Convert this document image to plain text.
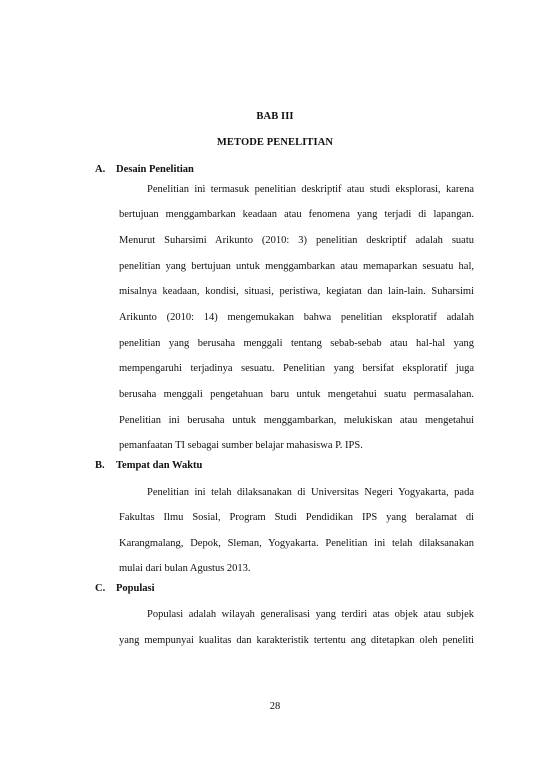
BAB III
METODE PENELITIAN
A. Desain Penelitian
Penelitian ini termasuk penelitian deskriptif atau studi eksplorasi, karena
bertujuan menggambarkan keadaan atau fenomena yang terjadi di lapangan.
Menurut Suharsimi Arikunto (2010: 3) penelitian deskriptif adalah suatu
penelitian yang bertujuan untuk menggambarkan atau memaparkan sesuatu hal,
misalnya keadaan, kondisi, situasi, peristiwa, kegiatan dan lain-lain. Suharsimi
Arikunto (2010: 14) mengemukakan bahwa penelitian eksploratif adalah
penelitian yang berusaha menggali tentang sebab-sebab atau hal-hal yang
mempengaruhi terjadinya sesuatu. Penelitian yang bersifat eksploratif juga
berusaha menggali pengetahuan baru untuk mengetahui suatu permasalahan.
Penelitian ini berusaha untuk menggambarkan, melukiskan atau mengetahui
pemanfaatan TI sebagai sumber belajar mahasiswa P. IPS.
B. Tempat dan Waktu
Penelitian ini telah dilaksanakan di Universitas Negeri Yogyakarta, pada
Fakultas Ilmu Sosial, Program Studi Pendidikan IPS yang beralamat di
Karangmalang, Depok, Sleman, Yogyakarta. Penelitian ini telah dilaksanakan
mulai dari bulan Agustus 2013.
C. Populasi
Populasi adalah wilayah generalisasi yang terdiri atas objek atau subjek
yang mempunyai kualitas dan karakteristik tertentu ang ditetapkan oleh peneliti
28
